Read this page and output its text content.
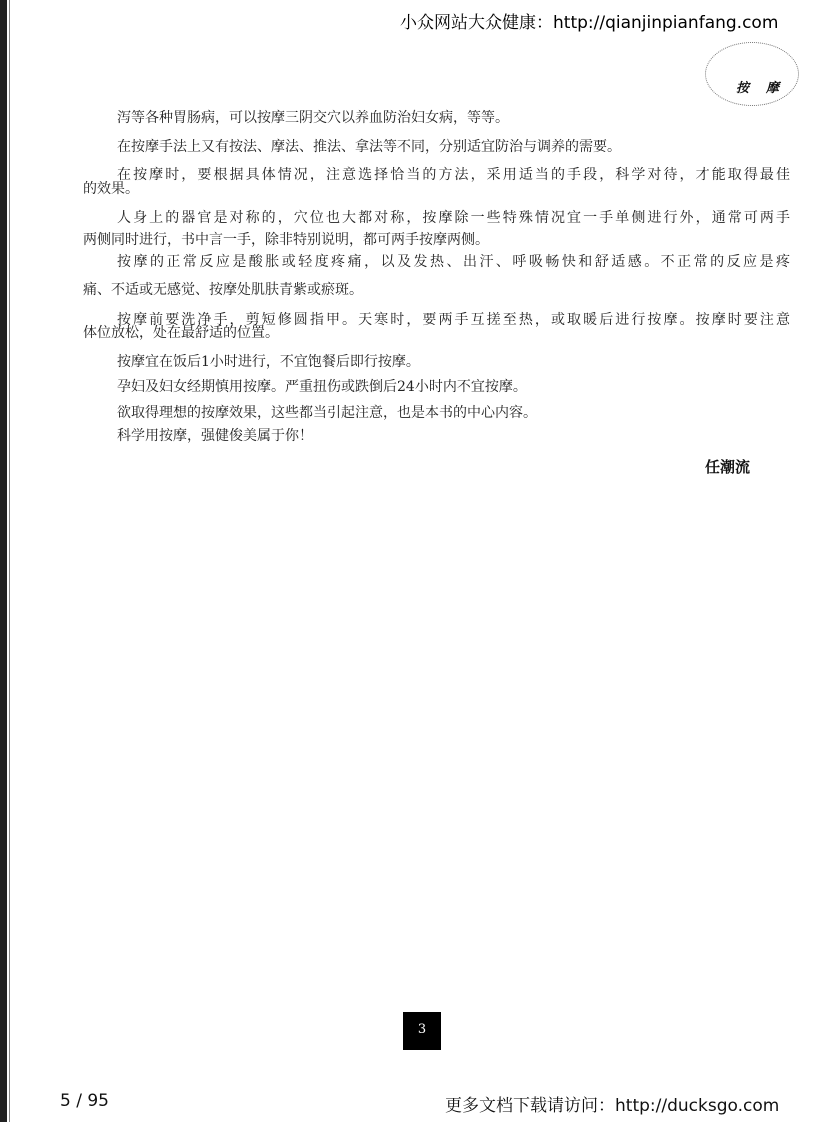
小众网站大众健康：http://qianjinpianfang.com
按 摩
泻等各种胃肠病，可以按摩三阴交穴以养血防治妇女病，等等。
在按摩手法上又有按法、摩法、推法、拿法等不同，分别适宜防治与调养的需要。
在按摩时，要根据具体情况，注意选择恰当的方法，采用适当的手段，科学对待，才能取得最佳
的效果。
人身上的器官是对称的，穴位也大都对称，按摩除一些特殊情况宜一手单侧进行外，通常可两手
两侧同时进行，书中言一手，除非特别说明，都可两手按摩两侧。
按摩的正常反应是酸胀或轻度疼痛，以及发热、出汗、呼吸畅快和舒适感。不正常的反应是疼
痛、不适或无感觉、按摩处肌肤青紫或瘀斑。
按摩前要洗净手，剪短修圆指甲。天寒时，要两手互搓至热，或取暖后进行按摩。按摩时要注意
体位放松，处在最舒适的位置。
按摩宜在饭后1小时进行，不宜饱餐后即行按摩。
孕妇及妇女经期慎用按摩。严重扭伤或跌倒后24小时内不宜按摩。
欲取得理想的按摩效果，这些都当引起注意，也是本书的中心内容。
科学用按摩，强健俊美属于你！
任潮流
3
5 / 95	更多文档下载请访问：http://ducksgo.com
